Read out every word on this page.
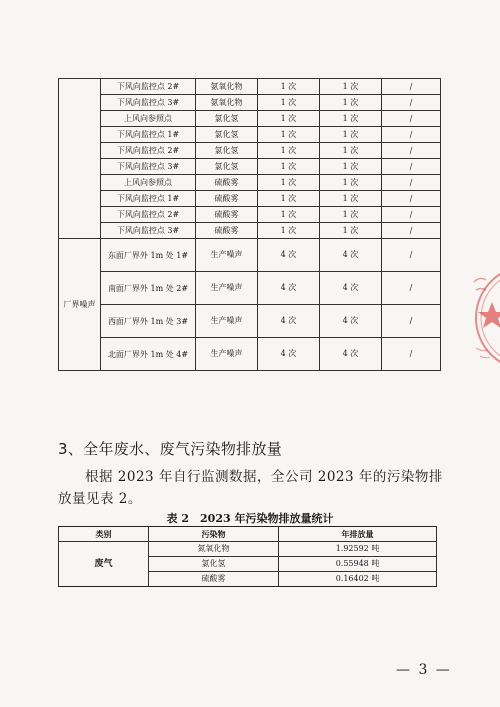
	下风向监控点 2#	氨氧化物	1 次	1 次	/
	下风向监控点 3#	氨氧化物	1 次	1 次	/
	上风向参照点	氯化氢	1 次	1 次	/
	下风向监控点 1#	氯化氢	1 次	1 次	/
	下风向监控点 2#	氯化氢	1 次	1 次	/
	下风向监控点 3#	氯化氢	1 次	1 次	/
	上风向参照点	硫酸雾	1 次	1 次	/
	下风向监控点 1#	硫酸雾	1 次	1 次	/
	下风向监控点 2#	硫酸雾	1 次	1 次	/
	下风向监控点 3#	硫酸雾	1 次	1 次	/
厂界噪声	东面厂界外 1m 处 1#	生产噪声	4 次	4 次	/
	南面厂界外 1m 处 2#	生产噪声	4 次	4 次	/
	西面厂界外 1m 处 3#	生产噪声	4 次	4 次	/
	北面厂界外 1m 处 4#	生产噪声	4 次	4 次	/
3、全年废水、废气污染物排放量
根据 2023 年自行监测数据，全公司 2023 年的污染物排放量见表 2。
表 2　2023 年污染物排放量统计
类别	污染物	年排放量
废气	氮氧化物	1.92592 吨
	氯化氢	0.55948 吨
	硫酸雾	0.16402 吨
— 3 —
